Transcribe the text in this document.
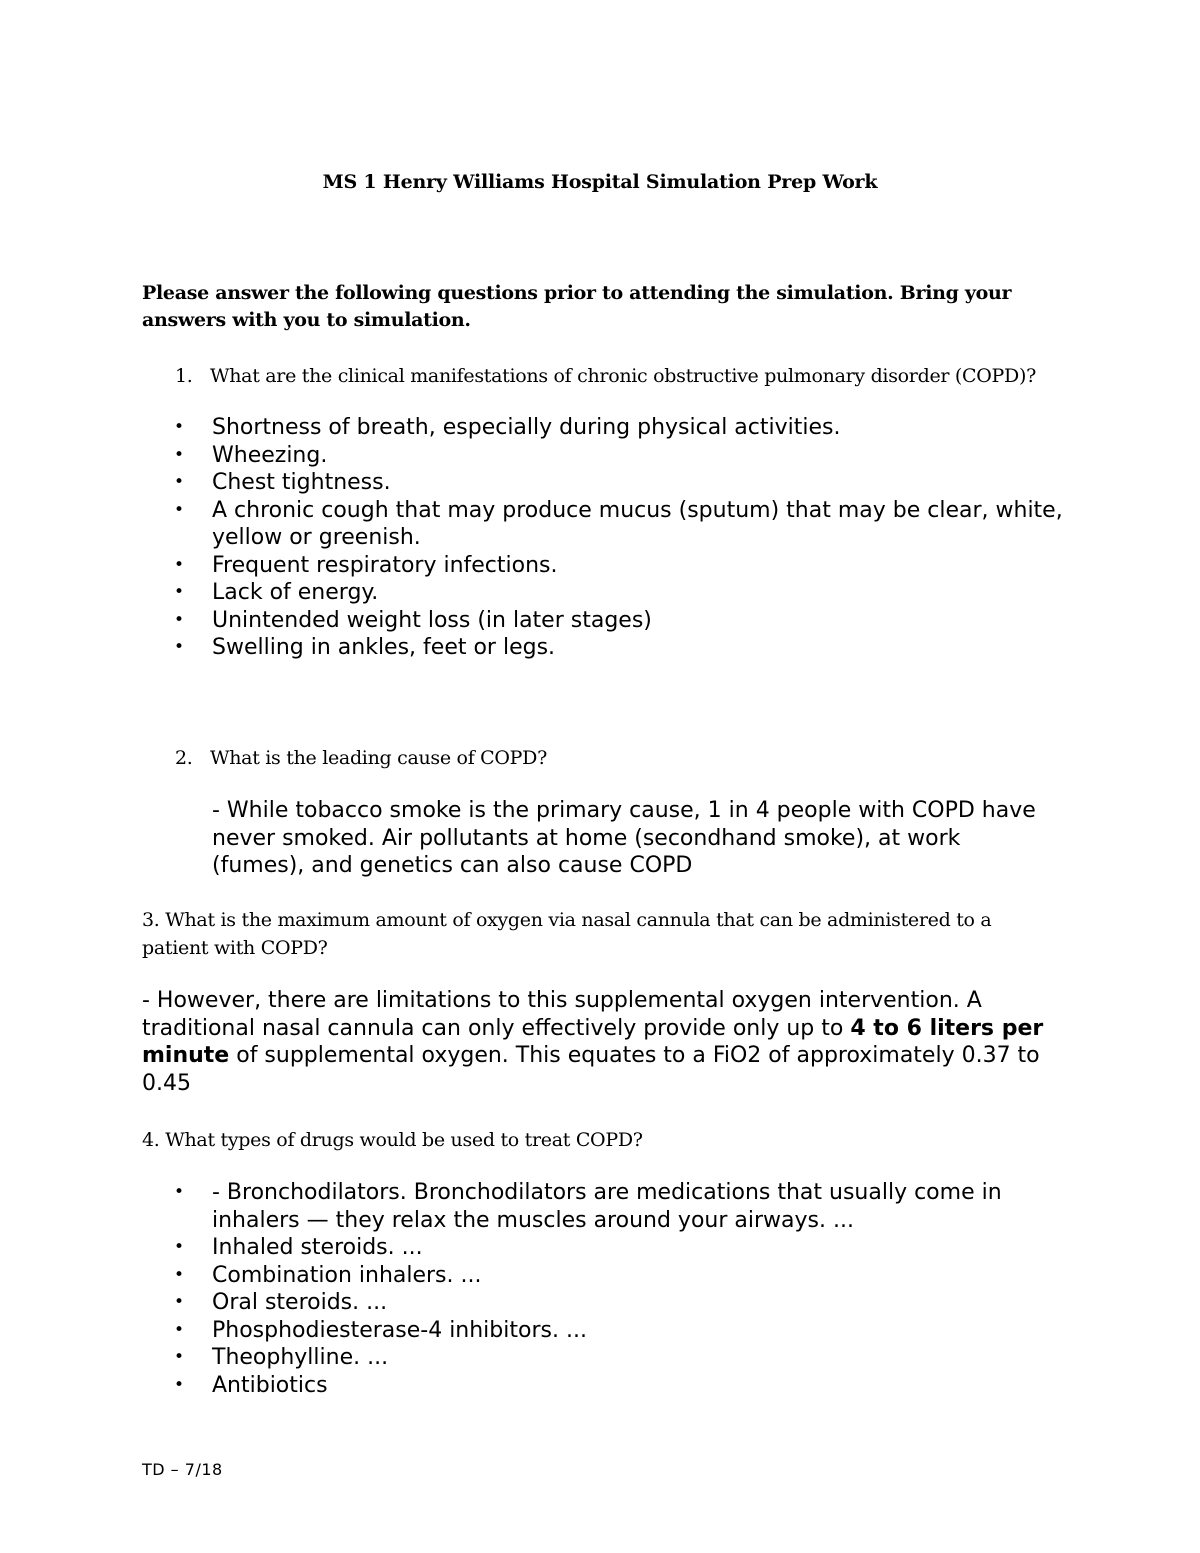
MS 1 Henry Williams Hospital Simulation Prep Work
Please answer the following questions prior to attending the simulation. Bring your answers with you to simulation.
1. What are the clinical manifestations of chronic obstructive pulmonary disorder (COPD)?
• Shortness of breath, especially during physical activities.
• Wheezing.
• Chest tightness.
• A chronic cough that may produce mucus (sputum) that may be clear, white, yellow or greenish.
• Frequent respiratory infections.
• Lack of energy.
• Unintended weight loss (in later stages)
• Swelling in ankles, feet or legs.
2. What is the leading cause of COPD?
- While tobacco smoke is the primary cause, 1 in 4 people with COPD have never smoked. Air pollutants at home (secondhand smoke), at work (fumes), and genetics can also cause COPD
3. What is the maximum amount of oxygen via nasal cannula that can be administered to a patient with COPD?
- However, there are limitations to this supplemental oxygen intervention. A traditional nasal cannula can only effectively provide only up to 4 to 6 liters per minute of supplemental oxygen. This equates to a FiO2 of approximately 0.37 to 0.45
4. What types of drugs would be used to treat COPD?
• - Bronchodilators. Bronchodilators are medications that usually come in inhalers — they relax the muscles around your airways. ...
• Inhaled steroids. ...
• Combination inhalers. ...
• Oral steroids. ...
• Phosphodiesterase-4 inhibitors. ...
• Theophylline. ...
• Antibiotics
TD – 7/18
